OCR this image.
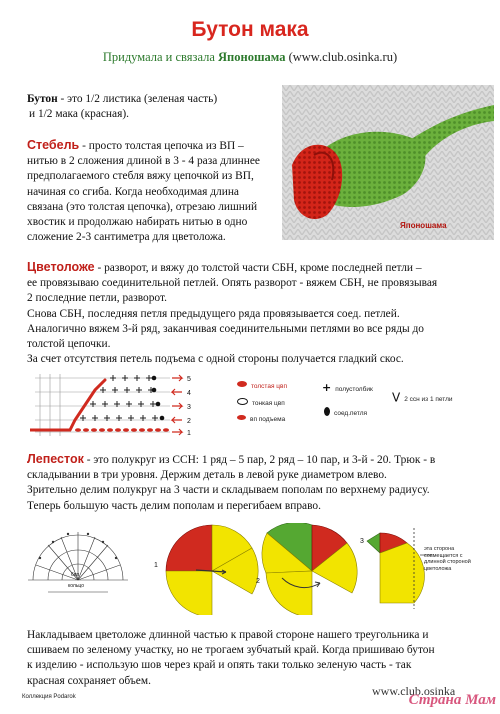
Бутон мака
Придумала и связала Японошама (www.club.osinka.ru)
Бутон - это 1/2 листика (зеленая часть)
и 1/2 мака (красная).
Стебель - просто толстая цепочка из ВП –
нитью в 2 сложения длиной в 3 - 4 раза длиннее
предполагаемого стебля вяжу цепочкой из ВП,
начиная со сгиба. Когда необходимая длина
связана (это толстая цепочка), отрезаю лишний
хвостик и продолжаю набирать нитью в одно
сложение 2-3 сантиметра для цветоложа.
Японошама
Цветоложе - разворот, и вяжу до толстой части СБН, кроме последней петли –
ее провязываю соединительной петлей. Опять разворот - вяжем СБН, не провязывая
2 последние петли, разворот.
Снова СБН, последняя петля предыдущего ряда провязывается соед. петлей.
Аналогично вяжем 3-й ряд, заканчивая соединительными петлями во все ряды до
толстой цепочки.
За счет отсутствия петель подъема с одной стороны получается гладкий скос.
5
4
3
2
1
толстая цвп
тонкая цвп
вп подъема
+ полустолбик
соед.петля
V 2 ссн из 1 петли
Лепесток - это полукруг из ССН: 1 ряд – 5 пар, 2 ряд – 10 пар, и 3-й - 20. Трюк - в
складывании в три уровня. Держим деталь в левой руке диаметром влево.
Зрительно делим полукруг на 3 части и складываем пополам по верхнему радиусу.
Теперь большую часть делим пополам и перегибаем вправо.
6вп
кольцо
1
2
3
эта сторона
совмещается с
длинной стороной
цветоложа
Накладываем цветоложе длинной частью к правой стороне нашего треугольника и
сшиваем по зеленому участку, но не трогаем зубчатый край. Когда пришиваю бутон
к изделию - использую шов через край и опять таки только зеленую часть - так
красная сохраняет объем.
Коллекция Podarok	www.club.osinka
Страна Мам
